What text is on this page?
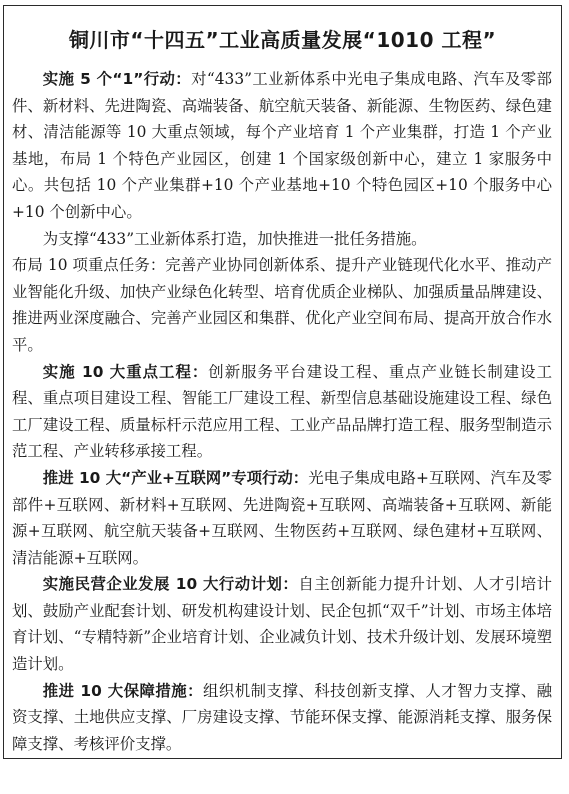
铜川市“十四五”工业高质量发展“1010 工程”

实施 5 个“1”行动：对“433”工业新体系中光电子集成电路、汽车及零部件、新材料、先进陶瓷、高端装备、航空航天装备、新能源、生物医药、绿色建材、清洁能源等 10 大重点领域，每个产业培育 1 个产业集群，打造 1 个产业基地，布局 1 个特色产业园区，创建 1 个国家级创新中心，建立 1 家服务中心。共包括 10 个产业集群+10 个产业基地+10 个特色园区+10 个服务中心+10 个创新中心。

为支撑“433”工业新体系打造，加快推进一批任务措施。

布局 10 项重点任务：完善产业协同创新体系、提升产业链现代化水平、推动产业智能化升级、加快产业绿色化转型、培育优质企业梯队、加强质量品牌建设、推进两业深度融合、完善产业园区和集群、优化产业空间布局、提高开放合作水平。

实施 10 大重点工程：创新服务平台建设工程、重点产业链长制建设工程、重点项目建设工程、智能工厂建设工程、新型信息基础设施建设工程、绿色工厂建设工程、质量标杆示范应用工程、工业产品品牌打造工程、服务型制造示范工程、产业转移承接工程。

推进 10 大“产业+互联网”专项行动：光电子集成电路+互联网、汽车及零部件+互联网、新材料+互联网、先进陶瓷+互联网、高端装备+互联网、新能源+互联网、航空航天装备+互联网、生物医药+互联网、绿色建材+互联网、清洁能源+互联网。

实施民营企业发展 10 大行动计划：自主创新能力提升计划、人才引培计划、鼓励产业配套计划、研发机构建设计划、民企包抓“双千”计划、市场主体培育计划、“专精特新”企业培育计划、企业减负计划、技术升级计划、发展环境塑造计划。

推进 10 大保障措施：组织机制支撑、科技创新支撑、人才智力支撑、融资支撑、土地供应支撑、厂房建设支撑、节能环保支撑、能源消耗支撑、服务保障支撑、考核评价支撑。
